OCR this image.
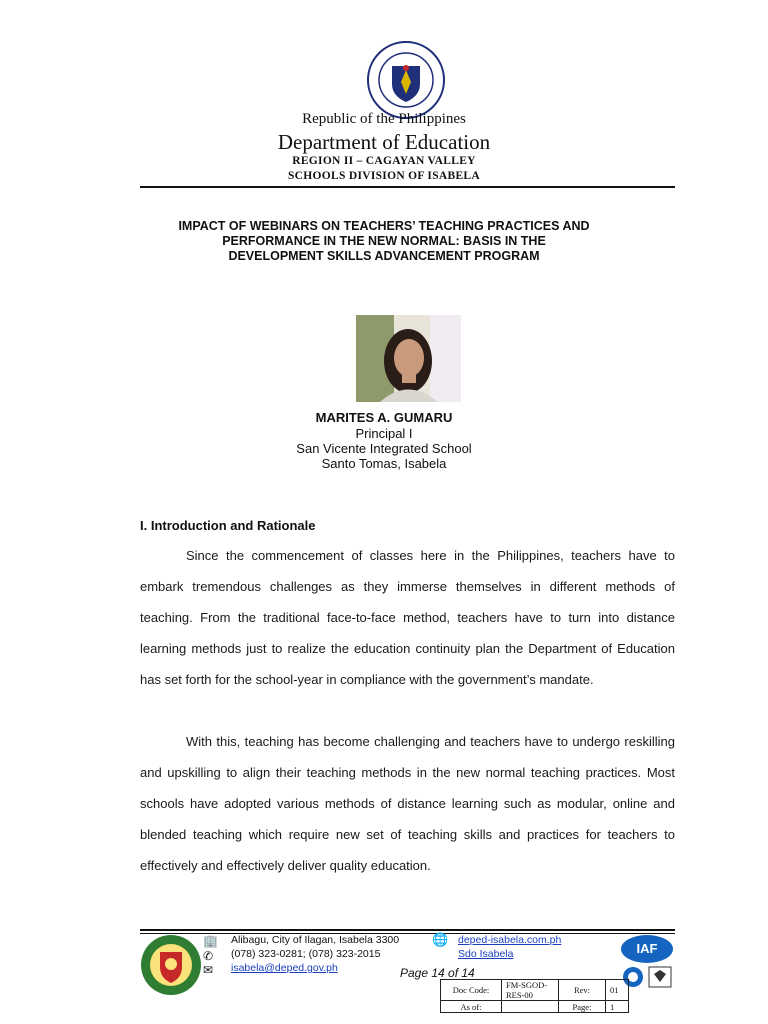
Republic of the Philippines
Department of Education
REGION II – CAGAYAN VALLEY
SCHOOLS DIVISION OF ISABELA
IMPACT OF WEBINARS ON TEACHERS’ TEACHING PRACTICES AND
PERFORMANCE IN THE NEW NORMAL: BASIS IN THE
DEVELOPMENT SKILLS ADVANCEMENT PROGRAM
MARITES A. GUMARU
Principal I
San Vicente Integrated School
Santo Tomas, Isabela
I. Introduction and Rationale
Since the commencement of classes here in the Philippines, teachers have to embark tremendous challenges as they immerse themselves in different methods of teaching. From the traditional face-to-face method, teachers have to turn into distance learning methods just to realize the education continuity plan the Department of Education has set forth for the school-year in compliance with the government’s mandate.
With this, teaching has become challenging and teachers have to undergo reskilling and upskilling to align their teaching methods in the new normal teaching practices. Most schools have adopted various methods of distance learning such as modular, online and blended teaching which require new set of teaching skills and practices for teachers to effectively and effectively deliver quality education.
🏢
✆
✉
Alibagu, City of Ilagan, Isabela 3300
(078) 323-0281; (078) 323-2015
isabela@deped.gov.ph
🌐 deped-isabela.com.ph
Sdo Isabela
Page 14 of 14
IAF
Doc Code:	FM-SGOD-RES-00	Rev:	01
As of:		Page:	1
